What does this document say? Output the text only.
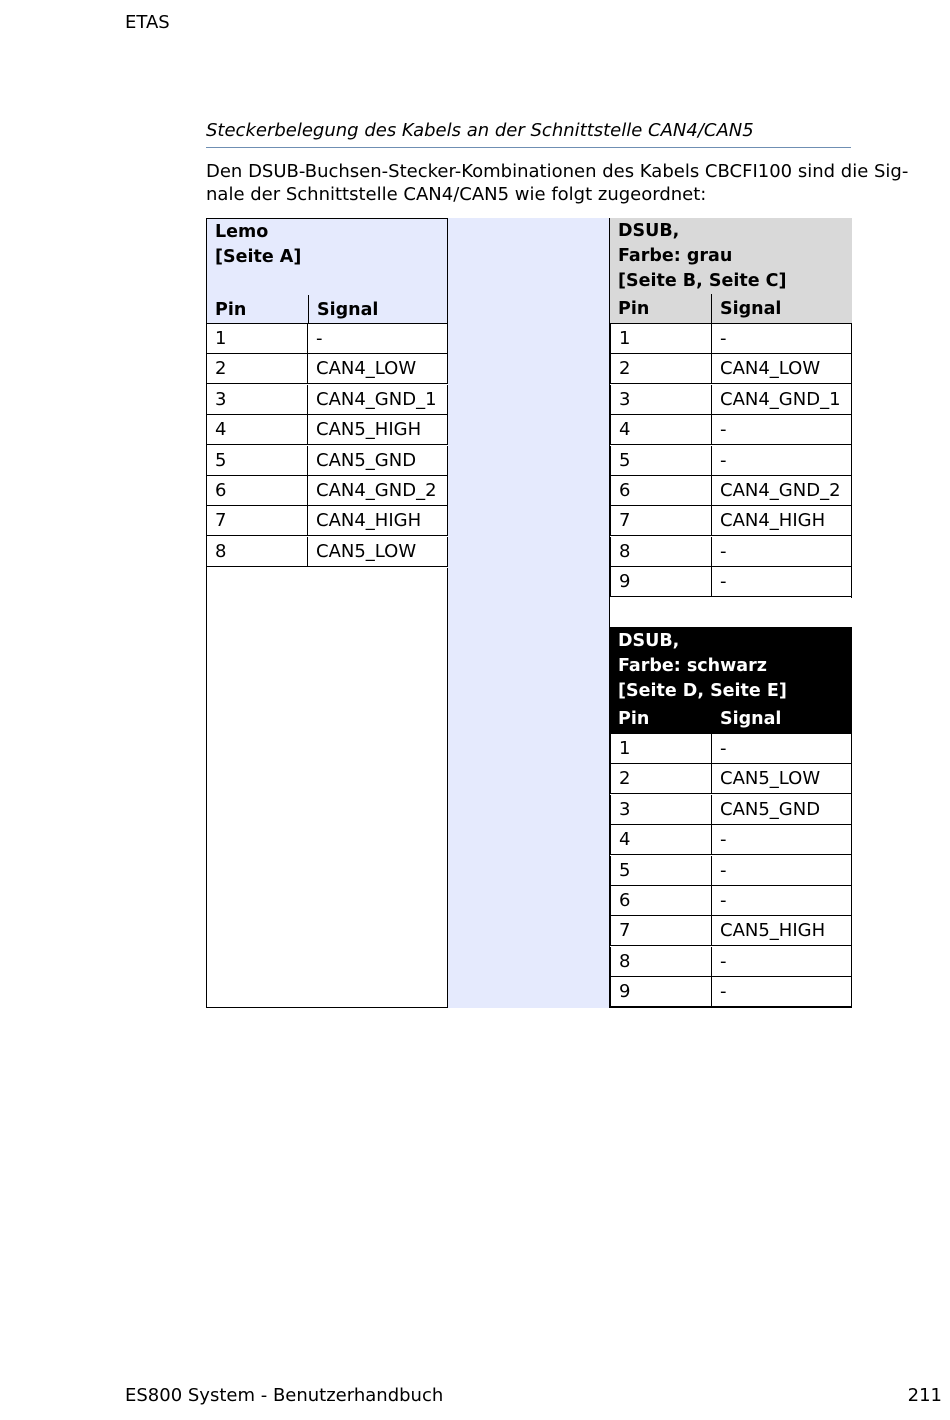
ETAS
Steckerbelegung des Kabels an der Schnittstelle CAN4/CAN5
Den DSUB-Buchsen-Stecker-Kombinationen des Kabels CBCFI100 sind die Sig-
nale der Schnittstelle CAN4/CAN5 wie folgt zugeordnet:
Lemo
[Seite A]
Pin	Signal
1	-
2	CAN4_LOW
3	CAN4_GND_1
4	CAN5_HIGH
5	CAN5_GND
6	CAN4_GND_2
7	CAN4_HIGH
8	CAN5_LOW
DSUB,
Farbe: grau
[Seite B, Seite C]
Pin	Signal
1	-
2	CAN4_LOW
3	CAN4_GND_1
4	-
5	-
6	CAN4_GND_2
7	CAN4_HIGH
8	-
9	-
DSUB,
Farbe: schwarz
[Seite D, Seite E]
Pin	Signal
1	-
2	CAN5_LOW
3	CAN5_GND
4	-
5	-
6	-
7	CAN5_HIGH
8	-
9	-
ES800 System - Benutzerhandbuch	211
